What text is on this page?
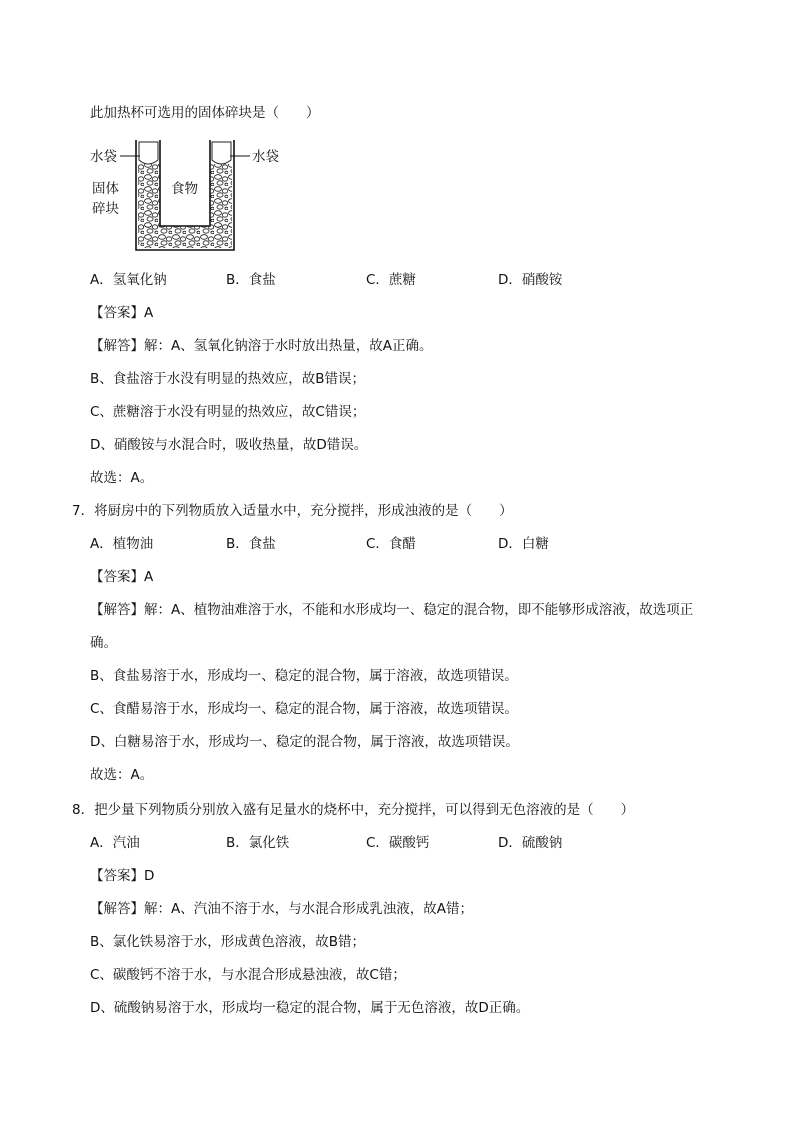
此加热杯可选用的固体碎块是（　　）
水袋	水袋
食物
固体
碎块
A．氢氧化钠	B．食盐	C．蔗糖	D．硝酸铵
【答案】A
【解答】解：A、氢氧化钠溶于水时放出热量，故A正确。
B、食盐溶于水没有明显的热效应，故B错误；
C、蔗糖溶于水没有明显的热效应，故C错误；
D、硝酸铵与水混合时，吸收热量，故D错误。
故选：A。
7．将厨房中的下列物质放入适量水中，充分搅拌，形成浊液的是（　　）
A．植物油	B．食盐	C．食醋	D．白糖
【答案】A
【解答】解：A、植物油难溶于水，不能和水形成均一、稳定的混合物，即不能够形成溶液，故选项正
确。
B、食盐易溶于水，形成均一、稳定的混合物，属于溶液，故选项错误。
C、食醋易溶于水，形成均一、稳定的混合物，属于溶液，故选项错误。
D、白糖易溶于水，形成均一、稳定的混合物，属于溶液，故选项错误。
故选：A。
8．把少量下列物质分别放入盛有足量水的烧杯中，充分搅拌，可以得到无色溶液的是（　　）
A．汽油	B．氯化铁	C．碳酸钙	D．硫酸钠
【答案】D
【解答】解：A、汽油不溶于水，与水混合形成乳浊液，故A错；
B、氯化铁易溶于水，形成黄色溶液，故B错；
C、碳酸钙不溶于水，与水混合形成悬浊液，故C错；
D、硫酸钠易溶于水，形成均一稳定的混合物，属于无色溶液，故D正确。
